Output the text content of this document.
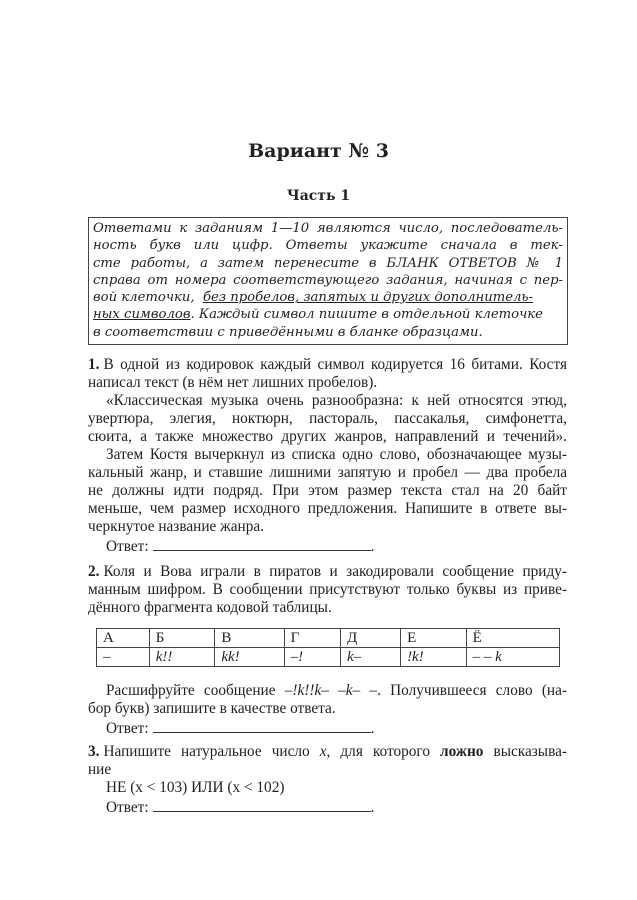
Вариант № 3
Часть 1
Ответами к заданиям 1—10 являются число, последователь-
ность букв или цифр. Ответы укажите сначала в тек-
сте работы, а затем перенесите в БЛАНК ОТВЕТОВ № 1
справа от номера соответствующего задания, начиная с пер-
вой клеточки, без пробелов, запятых и других дополнитель-
ных символов. Каждый символ пишите в отдельной клеточке
в соответствии с приведёнными в бланке образцами.
1. В одной из кодировок каждый символ кодируется 16 битами. Костя
написал текст (в нём нет лишних пробелов).
«Классическая музыка очень разнообразна: к ней относятся этюд,
увертюра, элегия, ноктюрн, пастораль, пассакалья, симфонетта,
сюита, а также множество других жанров, направлений и течений».
Затем Костя вычеркнул из списка одно слово, обозначающее музы-
кальный жанр, и ставшие лишними запятую и пробел — два пробела
не должны идти подряд. При этом размер текста стал на 20 байт
меньше, чем размер исходного предложения. Напишите в ответе вы-
черкнутое название жанра.
Ответ:	.
2. Коля и Вова играли в пиратов и закодировали сообщение приду-
манным шифром. В сообщении присутствуют только буквы из приве-
дённого фрагмента кодовой таблицы.
А	Б	В	Г	Д	Е	Ё
–	k!!	kk!	–!	k–	!k!	– – k
Расшифруйте сообщение –!k!!k– –k– –. Получившееся слово (на-
бор букв) запишите в качестве ответа.
Ответ:	.
3. Напишите натуральное число x, для которого ложно высказыва-
ние
НЕ (x < 103) ИЛИ (x < 102)
Ответ:	.
